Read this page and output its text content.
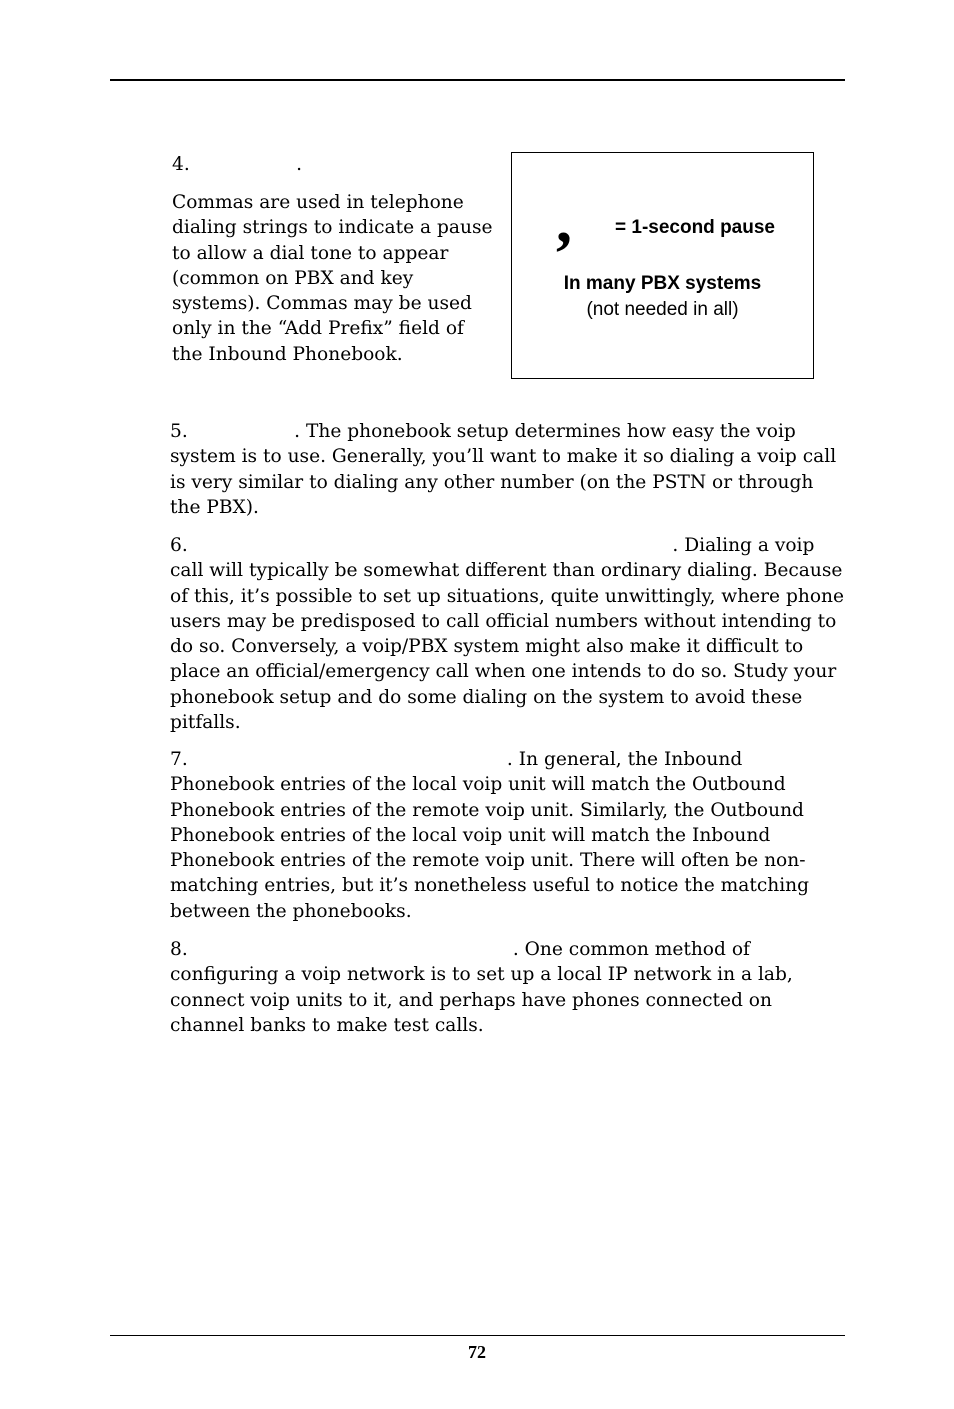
4.                  .
Commas are used in telephone dialing strings to indicate a pause to allow a dial tone to appear (common on PBX and key systems). Commas may be used only in the “Add Prefix” field of the Inbound Phonebook.
, = 1-second pause
In many PBX systems
(not needed in all)
5.                  . The phonebook setup determines how easy the voip system is to use. Generally, you’ll want to make it so dialing a voip call is very similar to dialing any other number (on the PSTN or through the PBX).
6.                                                                                  . Dialing a voip call will typically be somewhat different than ordinary dialing. Because of this, it’s possible to set up situations, quite unwittingly, where phone users may be predisposed to call official numbers without intending to do so. Conversely, a voip/PBX system might also make it difficult to place an official/emergency call when one intends to do so. Study your phonebook setup and do some dialing on the system to avoid these pitfalls.
7.                                                      . In general, the Inbound Phonebook entries of the local voip unit will match the Outbound Phonebook entries of the remote voip unit. Similarly, the Outbound Phonebook entries of the local voip unit will match the Inbound Phonebook entries of the remote voip unit. There will often be non-matching entries, but it’s nonetheless useful to notice the matching between the phonebooks.
8.                                                       . One common method of configuring a voip network is to set up a local IP network in a lab, connect voip units to it, and perhaps have phones connected on channel banks to make test calls.
72
